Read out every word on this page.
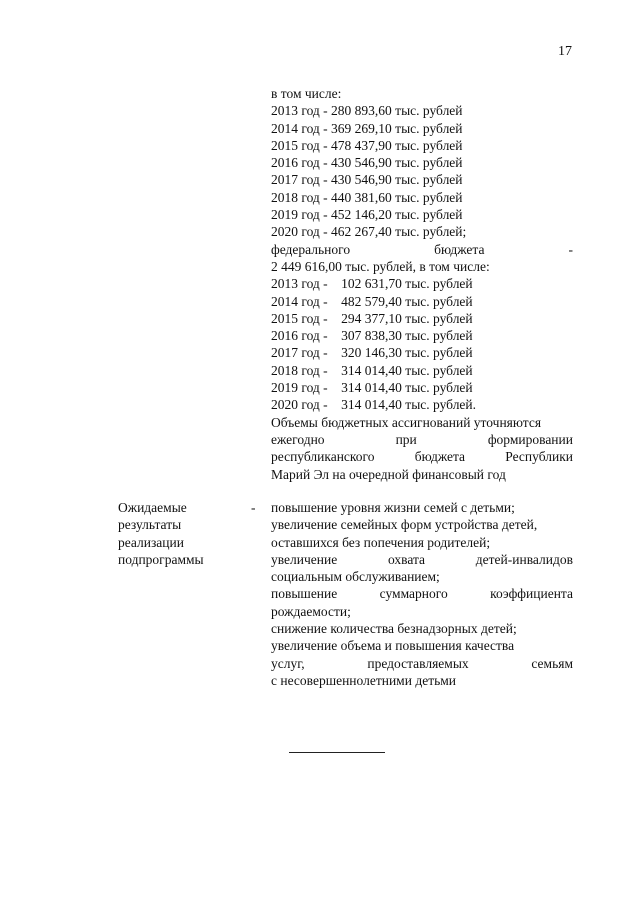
17
в том числе:
2013 год - 280 893,60 тыс. рублей
2014 год - 369 269,10 тыс. рублей
2015 год - 478 437,90 тыс. рублей
2016 год - 430 546,90 тыс. рублей
2017 год - 430 546,90 тыс. рублей
2018 год - 440 381,60 тыс. рублей
2019 год - 452 146,20 тыс. рублей
2020 год - 462 267,40 тыс. рублей;
федерального	бюджета	-
2 449 616,00 тыс. рублей, в том числе:
2013 год -    102 631,70 тыс. рублей
2014 год -    482 579,40 тыс. рублей
2015 год -    294 377,10 тыс. рублей
2016 год -    307 838,30 тыс. рублей
2017 год -    320 146,30 тыс. рублей
2018 год -    314 014,40 тыс. рублей
2019 год -    314 014,40 тыс. рублей
2020 год -    314 014,40 тыс. рублей.
Объемы бюджетных ассигнований уточняются
ежегодно	при	формировании
республиканского	бюджета	Республики
Марий Эл на очередной финансовый год
Ожидаемые
результаты
реализации
подпрограммы
- повышение уровня жизни семей с детьми;
увеличение семейных форм устройства детей,
оставшихся без попечения родителей;
увеличение	охвата	детей-инвалидов
социальным обслуживанием;
повышение	суммарного	коэффициента
рождаемости;
снижение количества безнадзорных детей;
увеличение объема и повышения качества
услуг,	предоставляемых	семьям
с несовершеннолетними детьми
